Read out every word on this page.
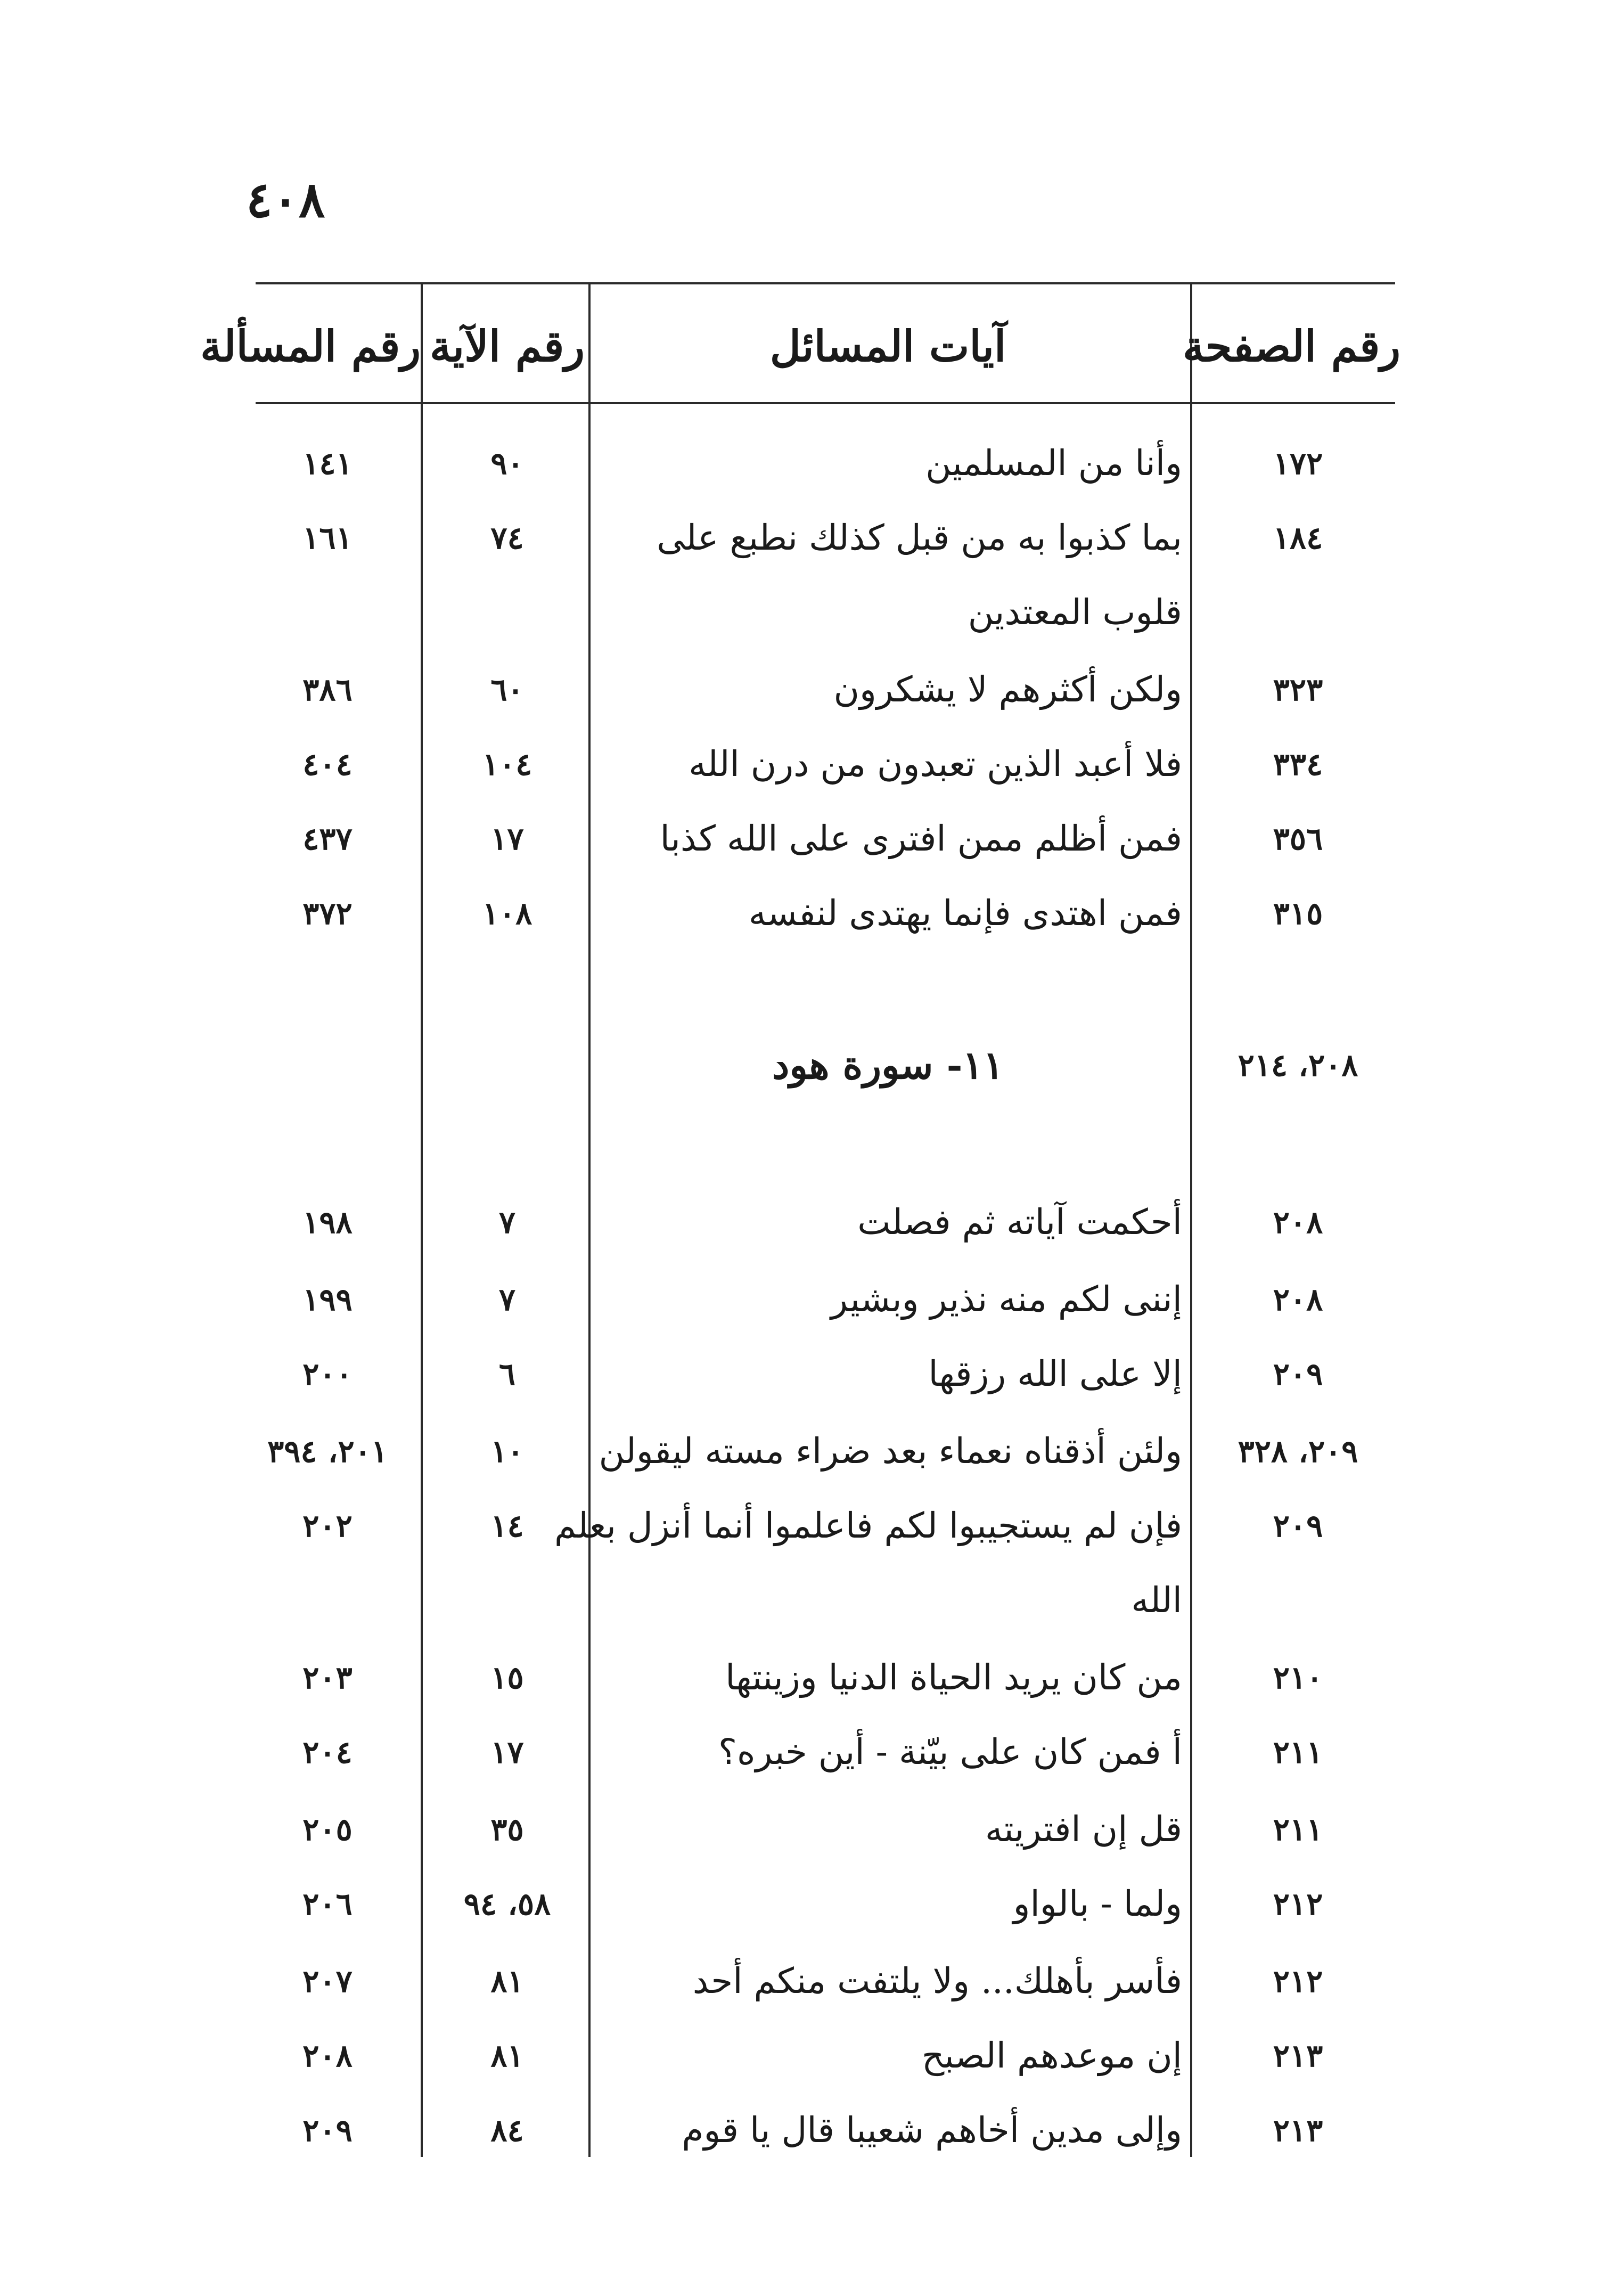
٤٠٨
رقم الصفحة
آيات المسائل
رقم الآية
رقم المسألة
١٧٢
وأنا من المسلمين
٩٠
١٤١
١٨٤
بما كذبوا به من قبل كذلك نطبع على
٧٤
١٦١
قلوب المعتدين
٣٢٣
ولكن أكثرهم لا يشكرون
٦٠
٣٨٦
٣٣٤
فلا أعبد الذين تعبدون من درن الله
١٠٤
٤٠٤
٣٥٦
فمن أظلم ممن افترى على الله كذبا
١٧
٤٣٧
٣١٥
فمن اهتدى فإنما يهتدى لنفسه
١٠٨
٣٧٢
٢٠٨، ٢١٤
١١- سورة هود
٢٠٨
أحكمت آياته ثم فصلت
٧
١٩٨
٢٠٨
إننى لكم منه نذير وبشير
٧
١٩٩
٢٠٩
إلا على الله رزقها
٦
٢٠٠
٢٠٩، ٣٢٨
ولئن أذقناه نعماء بعد ضراء مسته ليقولن
١٠
٢٠١، ٣٩٤
٢٠٩
فإن لم يستجيبوا لكم فاعلموا أنما أنزل بعلم
١٤
٢٠٢
الله
٢١٠
من كان يريد الحياة الدنيا وزينتها
١٥
٢٠٣
٢١١
أ فمن كان على بيّنة - أين خبره؟
١٧
٢٠٤
٢١١
قل إن افتريته
٣٥
٢٠٥
٢١٢
ولما - بالواو
٥٨، ٩٤
٢٠٦
٢١٢
فأسر بأهلك... ولا يلتفت منكم أحد
٨١
٢٠٧
٢١٣
إن موعدهم الصبح
٨١
٢٠٨
٢١٣
وإلى مدين أخاهم شعيبا قال يا قوم
٨٤
٢٠٩
